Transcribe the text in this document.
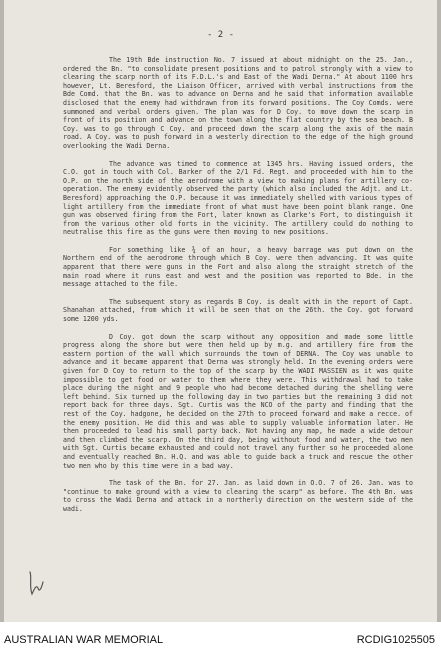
- 2 -

The 19th Bde instruction No. 7 issued at about midnight on the 25. Jan., ordered the Bn. "to consolidate present positions and to patrol strongly with a view to clearing the scarp north of its F.D.L.'s and East of the Wadi Derna." At about 1100 hrs however, Lt. Beresford, the Liaison Officer, arrived with verbal instructions from the Bde Comd. that the Bn. was to advance on Derna and he said that information available disclosed that the enemy had withdrawn from its forward positions. The Coy Comds. were summoned and verbal orders given. The plan was for D Coy. to move down the scarp in front of its position and advance on the town along the flat country by the sea beach. B Coy. was to go through C Coy. and proceed down the scarp along the axis of the main road. A Coy. was to push forward in a westerly direction to the edge of the high ground overlooking the Wadi Derna.

The advance was timed to commence at 1345 hrs. Having issued orders, the C.O. got in touch with Col. Barker of the 2/1 Fd. Regt. and proceeded with him to the O.P. on the north side of the aerodrome with a view to making plans for artillery co-operation. The enemy evidently observed the party (which also included the Adjt. and Lt. Beresford) approaching the O.P. because it was immediately shelled with various types of light artillery from the immediate front of what must have been point blank range. One gun was observed firing from the Fort, later known as Clarke's Fort, to distinguish it from the various other old forts in the vicinity. The artillery could do nothing to neutralise this fire as the guns were then moving to new positions.

For something like ¾ of an hour, a heavy barrage was put down on the Northern end of the aerodrome through which B Coy. were then advancing. It was quite apparent that there were guns in the Fort and also along the straight stretch of the main road where it runs east and west and the position was reported to Bde. in the message attached to the file.

The subsequent story as regards B Coy. is dealt with in the report of Capt. Shanahan attached, from which it will be seen that on the 26th. the Coy. got forward some 1200 yds.

D Coy. got down the scarp without any opposition and made some little progress along the shore but were then held up by m.g. and artillery fire from the eastern portion of the wall which surrounds the town of DERNA. The Coy was unable to advance and it became apparent that Derna was strongly held. In the evening orders were given for D Coy to return to the top of the scarp by the WADI MASSIEN as it was quite impossible to get food or water to them where they were. This withdrawal had to take place during the night and 9 people who had become detached during the shelling were left behind. Six turned up the following day in two parties but the remaining 3 did not report back for three days. Sgt. Curtis was the NCO of the party and finding that the rest of the Coy. hadgone, he decided on the 27th to proceed forward and make a recce. of the enemy position. He did this and was able to supply valuable information later. He then proceeded to lead his small party back. Not having any map, he made a wide detour and then climbed the scarp. On the third day, being without food and water, the two men with Sgt. Curtis became exhausted and could not travel any further so he proceeded alone and eventually reached Bn. H.Q. and was able to guide back a truck and rescue the other two men who by this time were in a bad way.

The task of the Bn. for 27. Jan. as laid down in O.O. 7 of 26. Jan. was to "continue to make ground with a view to clearing the scarp" as before. The 4th Bn. was to cross the Wadi Derna and attack in a northerly direction on the western side of the wadi.

AUSTRALIAN WAR MEMORIAL	RCDIG1025505
